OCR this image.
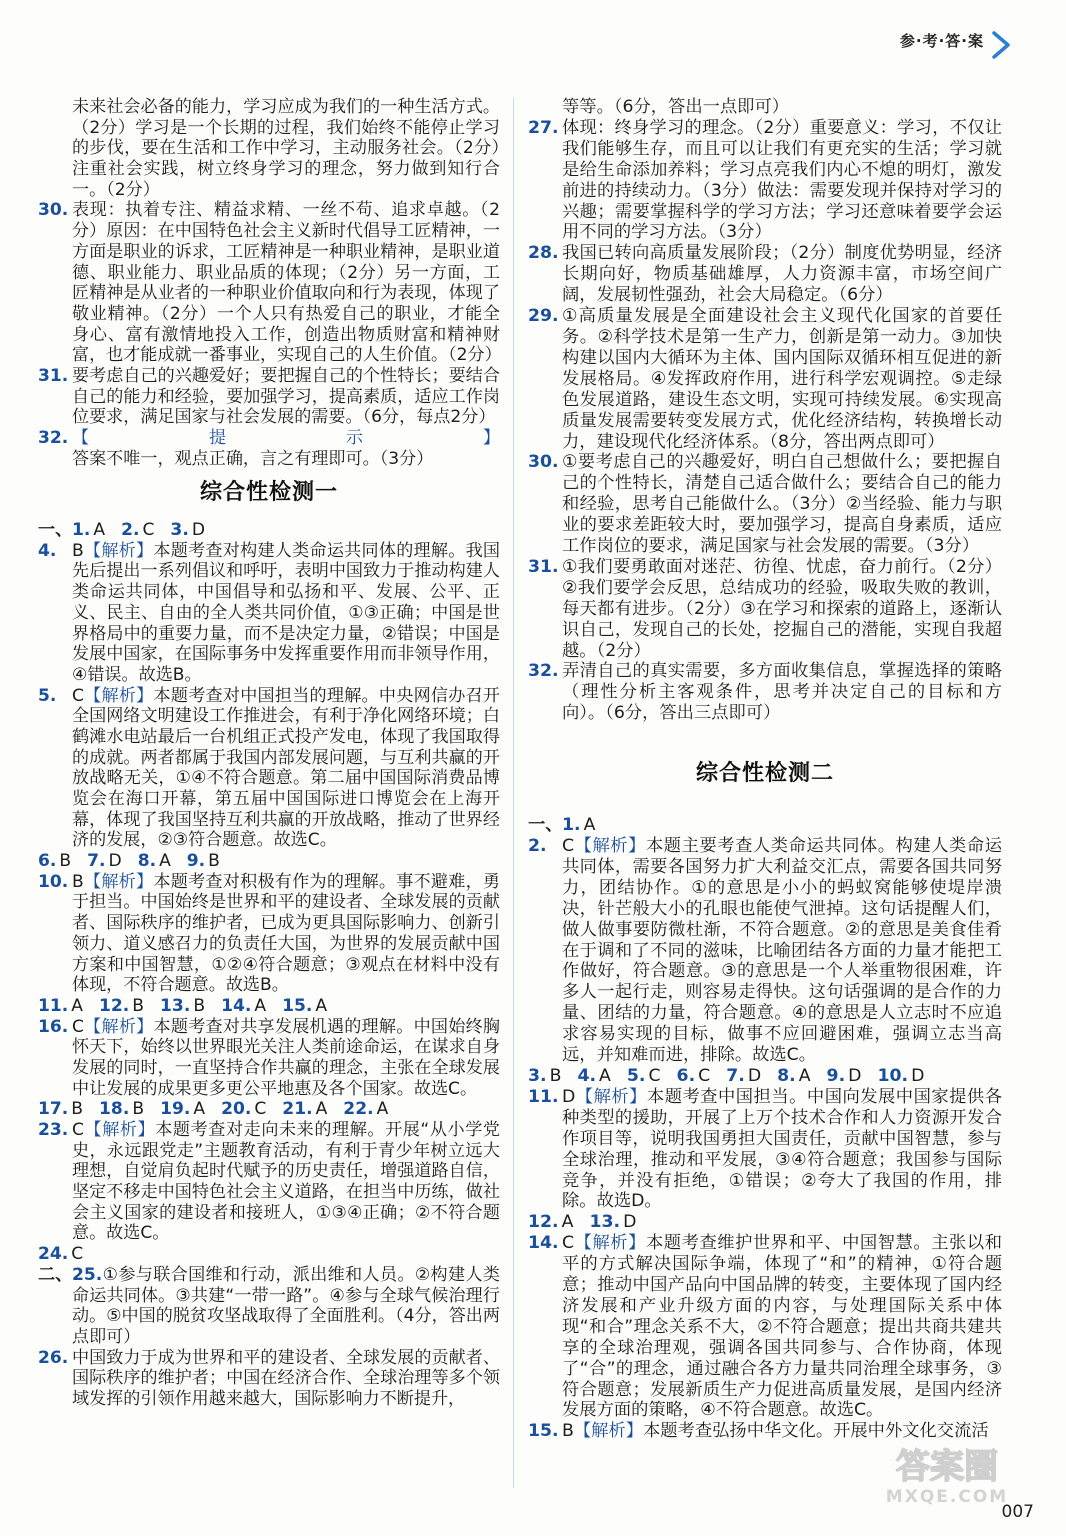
参·考·答·案
未来社会必备的能力，学习应成为我们的一种生活方式。（2分）学习是一个长期的过程，我们始终不能停止学习的步伐，要在生活和工作中学习，主动服务社会。（2分）注重社会实践，树立终身学习的理念，努力做到知行合一。（2分）
30. 表现：执着专注、精益求精、一丝不苟、追求卓越。（2分）原因：在中国特色社会主义新时代倡导工匠精神，一方面是职业的诉求，工匠精神是一种职业精神，是职业道德、职业能力、职业品质的体现；（2分）另一方面，工匠精神是从业者的一种职业价值取向和行为表现，体现了敬业精神。（2分）一个人只有热爱自己的职业，才能全身心、富有激情地投入工作，创造出物质财富和精神财富，也才能成就一番事业，实现自己的人生价值。（2分）
31. 要考虑自己的兴趣爱好；要把握自己的个性特长；要结合自己的能力和经验，要加强学习，提高素质，适应工作岗位要求，满足国家与社会发展的需要。（6分，每点2分）
32. 【提示】答案不唯一，观点正确，言之有理即可。（3分）
综合性检测一
一、 1. A 2. C 3. D
4. B【解析】本题考查对构建人类命运共同体的理解。我国先后提出一系列倡议和呼吁，表明中国致力于推动构建人类命运共同体，中国倡导和弘扬和平、发展、公平、正义、民主、自由的全人类共同价值，①③正确；中国是世界格局中的重要力量，而不是决定力量，②错误；中国是发展中国家，在国际事务中发挥重要作用而非领导作用，④错误。故选B。
5. C【解析】本题考查对中国担当的理解。中央网信办召开全国网络文明建设工作推进会，有利于净化网络环境；白鹤滩水电站最后一台机组正式投产发电，体现了我国取得的成就。两者都属于我国内部发展问题，与互利共赢的开放战略无关，①④不符合题意。第二届中国国际消费品博览会在海口开幕，第五届中国国际进口博览会在上海开幕，体现了我国坚持互利共赢的开放战略，推动了世界经济的发展，②③符合题意。故选C。
6. B 7. D 8. A 9. B
10. B【解析】本题考查对积极有作为的理解。事不避难，勇于担当。中国始终是世界和平的建设者、全球发展的贡献者、国际秩序的维护者，已成为更具国际影响力、创新引领力、道义感召力的负责任大国，为世界的发展贡献中国方案和中国智慧，①②④符合题意；③观点在材料中没有体现，不符合题意。故选B。
11. A 12. B 13. B 14. A 15. A
16. C【解析】本题考查对共享发展机遇的理解。中国始终胸怀天下，始终以世界眼光关注人类前途命运，在谋求自身发展的同时，一直坚持合作共赢的理念，主张在全球发展中让发展的成果更多更公平地惠及各个国家。故选C。
17. B 18. B 19. A 20. C 21. A 22. A
23. C【解析】本题考查对走向未来的理解。开展“从小学党史，永远跟党走”主题教育活动，有利于青少年树立远大理想，自觉肩负起时代赋予的历史责任，增强道路自信，坚定不移走中国特色社会主义道路，在担当中历练，做社会主义国家的建设者和接班人，①③④正确；②不符合题意。故选C。
24. C
二、 25.①参与联合国维和行动，派出维和人员。②构建人类命运共同体。③共建“一带一路”。④参与全球气候治理行动。⑤中国的脱贫攻坚战取得了全面胜利。（4分，答出两点即可）
26. 中国致力于成为世界和平的建设者、全球发展的贡献者、国际秩序的维护者；中国在经济合作、全球治理等多个领域发挥的引领作用越来越大，国际影响力不断提升，
等等。（6分，答出一点即可）
27. 体现：终身学习的理念。（2分）重要意义：学习，不仅让我们能够生存，而且可以让我们有更充实的生活；学习就是给生命添加养料；学习点亮我们内心不熄的明灯，激发前进的持续动力。（3分）做法：需要发现并保持对学习的兴趣；需要掌握科学的学习方法；学习还意味着要学会运用不同的学习方法。（3分）
28. 我国已转向高质量发展阶段；（2分）制度优势明显，经济长期向好，物质基础雄厚，人力资源丰富，市场空间广阔，发展韧性强劲，社会大局稳定。（6分）
29. ①高质量发展是全面建设社会主义现代化国家的首要任务。②科学技术是第一生产力，创新是第一动力。③加快构建以国内大循环为主体、国内国际双循环相互促进的新发展格局。④发挥政府作用，进行科学宏观调控。⑤走绿色发展道路，建设生态文明，实现可持续发展。⑥实现高质量发展需要转变发展方式，优化经济结构，转换增长动力，建设现代化经济体系。（8分，答出两点即可）
30. ①要考虑自己的兴趣爱好，明白自己想做什么；要把握自己的个性特长，清楚自己适合做什么；要结合自己的能力和经验，思考自己能做什么。（3分）②当经验、能力与职业的要求差距较大时，要加强学习，提高自身素质，适应工作岗位的要求，满足国家与社会发展的需要。（3分）
31. ①我们要勇敢面对迷茫、彷徨、忧虑，奋力前行。（2分）②我们要学会反思，总结成功的经验，吸取失败的教训，每天都有进步。（2分）③在学习和探索的道路上，逐渐认识自己，发现自己的长处，挖掘自己的潜能，实现自我超越。（2分）
32. 弄清自己的真实需要，多方面收集信息，掌握选择的策略（理性分析主客观条件，思考并决定自己的目标和方向）。（6分，答出三点即可）
综合性检测二
一、 1. A
2. C【解析】本题主要考查人类命运共同体。构建人类命运共同体，需要各国努力扩大利益交汇点，需要各国共同努力，团结协作。①的意思是小小的蚂蚁窝能够使堤岸溃决，针芒般大小的孔眼也能使气泄掉。这句话提醒人们，做人做事要防微杜渐，不符合题意。②的意思是美食佳肴在于调和了不同的滋味，比喻团结各方面的力量才能把工作做好，符合题意。③的意思是一个人举重物很困难，许多人一起行走，则容易走得快。这句话强调的是合作的力量、团结的力量，符合题意。④的意思是人立志时不应追求容易实现的目标，做事不应回避困难，强调立志当高远，并知难而进，排除。故选C。
3. B 4. A 5. C 6. C 7. D 8. A 9. D 10. D
11. D【解析】本题考查中国担当。中国向发展中国家提供各种类型的援助，开展了上万个技术合作和人力资源开发合作项目等，说明我国勇担大国责任，贡献中国智慧，参与全球治理，推动和平发展，③④符合题意；我国参与国际竞争，并没有拒绝，①错误；②夸大了我国的作用，排除。故选D。
12. A 13. D
14. C【解析】本题考查维护世界和平、中国智慧。主张以和平的方式解决国际争端，体现了“和”的精神，①符合题意；推动中国产品向中国品牌的转变，主要体现了国内经济发展和产业升级方面的内容，与处理国际关系中体现“和合”理念关系不大，②不符合题意；提出共商共建共享的全球治理观，强调各国共同参与、合作协商，体现了“合”的理念，通过融合各方力量共同治理全球事务，③符合题意；发展新质生产力促进高质量发展，是国内经济发展方面的策略，④不符合题意。故选C。
15. B【解析】本题考查弘扬中华文化。开展中外文化交流活
答案圈
MXQE.COM
007
